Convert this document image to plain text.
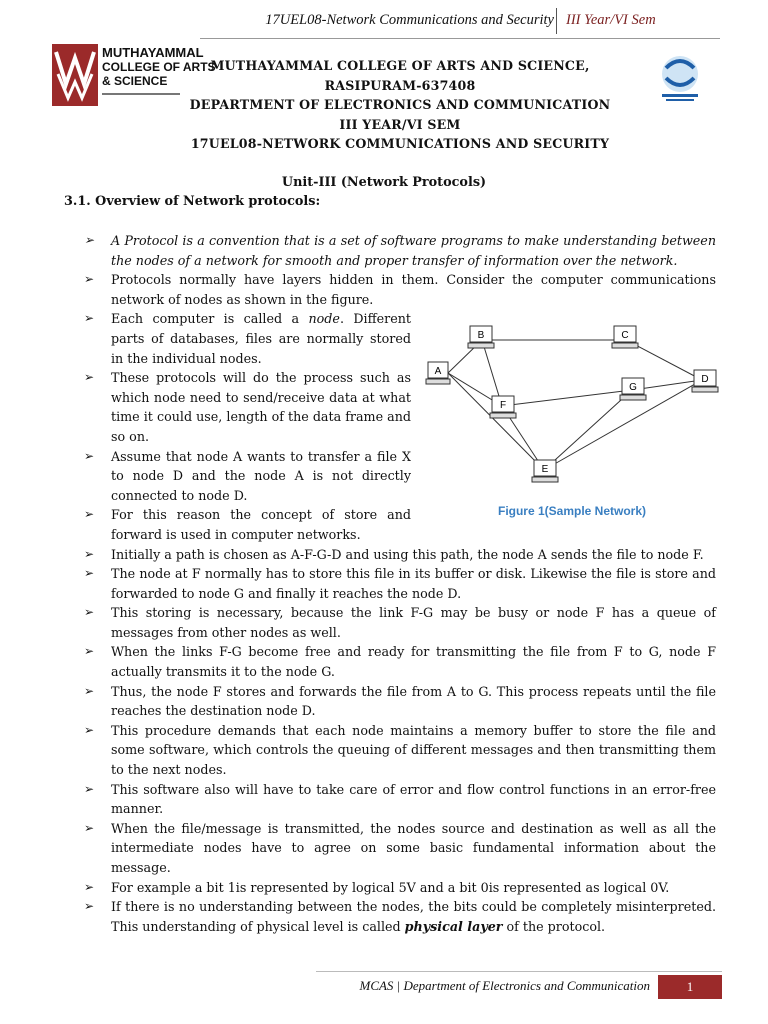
17UEL08-Network Communications and Security III Year/VI Sem
MUTHAYAMMAL
COLLEGE OF ARTS
& SCIENCE
MUTHAYAMMAL COLLEGE OF ARTS AND SCIENCE,
RASIPURAM-637408
DEPARTMENT OF ELECTRONICS AND COMMUNICATION
III YEAR/VI SEM
17UEL08-NETWORK COMMUNICATIONS AND SECURITY
Unit-III (Network Protocols)
3.1. Overview of Network protocols:
➢ A Protocol is a convention that is a set of software programs to make understanding between the nodes of a network for smooth and proper transfer of information over the network.
➢ Protocols normally have layers hidden in them. Consider the computer communications network of nodes as shown in the figure.
➢ Each computer is called a node. Different parts of databases, files are normally stored in the individual nodes.
➢ These protocols will do the process such as which node need to send/receive data at what time it could use, length of the data frame and so on.
➢ Assume that node A wants to transfer a file X to node D and the node A is not directly connected to node D.
➢ For this reason the concept of store and forward is used in computer networks.
➢ Initially a path is chosen as A-F-G-D and using this path, the node A sends the file to node F.
➢ The node at F normally has to store this file in its buffer or disk. Likewise the file is store and forwarded to node G and finally it reaches the node D.
➢ This storing is necessary, because the link F-G may be busy or node F has a queue of messages from other nodes as well.
➢ When the links F-G become free and ready for transmitting the file from F to G, node F actually transmits it to the node G.
➢ Thus, the node F stores and forwards the file from A to G. This process repeats until the file reaches the destination node D.
➢ This procedure demands that each node maintains a memory buffer to store the file and some software, which controls the queuing of different messages and then transmitting them to the next nodes.
➢ This software also will have to take care of error and flow control functions in an error-free manner.
➢ When the file/message is transmitted, the nodes source and destination as well as all the intermediate nodes have to agree on some basic fundamental information about the message.
➢ For example a bit 1is represented by logical 5V and a bit 0is represented as logical 0V.
➢ If there is no understanding between the nodes, the bits could be completely misinterpreted. This understanding of physical level is called physical layer of the protocol.
A
B	C
D
E
F
G
Figure 1(Sample Network)
MCAS | Department of Electronics and Communication	1
